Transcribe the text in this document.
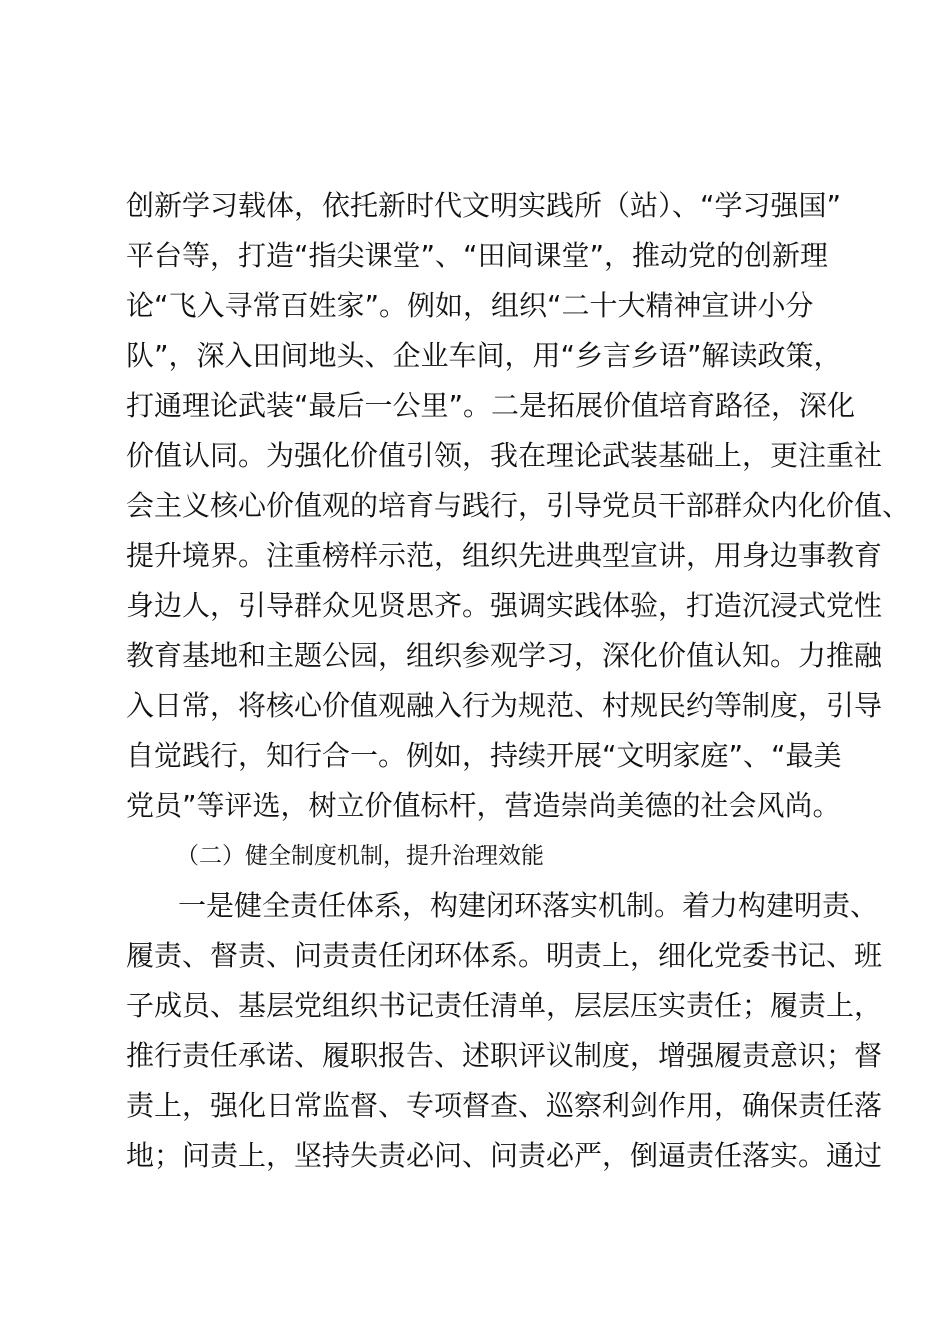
创新学习载体，依托新时代文明实践所（站）、“学习强国”
平台等，打造“指尖课堂”、“田间课堂”，推动党的创新理
论“飞入寻常百姓家”。例如，组织“二十大精神宣讲小分
队”，深入田间地头、企业车间，用“乡言乡语”解读政策，
打通理论武装“最后一公里”。二是拓展价值培育路径，深化
价值认同。为强化价值引领，我在理论武装基础上，更注重社
会主义核心价值观的培育与践行，引导党员干部群众内化价值、
提升境界。注重榜样示范，组织先进典型宣讲，用身边事教育
身边人，引导群众见贤思齐。强调实践体验，打造沉浸式党性
教育基地和主题公园，组织参观学习，深化价值认知。力推融
入日常，将核心价值观融入行为规范、村规民约等制度，引导
自觉践行，知行合一。例如，持续开展“文明家庭”、“最美
党员”等评选，树立价值标杆，营造崇尚美德的社会风尚。
（二）健全制度机制，提升治理效能
一是健全责任体系，构建闭环落实机制。着力构建明责、
履责、督责、问责责任闭环体系。明责上，细化党委书记、班
子成员、基层党组织书记责任清单，层层压实责任；履责上，
推行责任承诺、履职报告、述职评议制度，增强履责意识；督
责上，强化日常监督、专项督查、巡察利剑作用，确保责任落
地；问责上，坚持失责必问、问责必严，倒逼责任落实。通过
